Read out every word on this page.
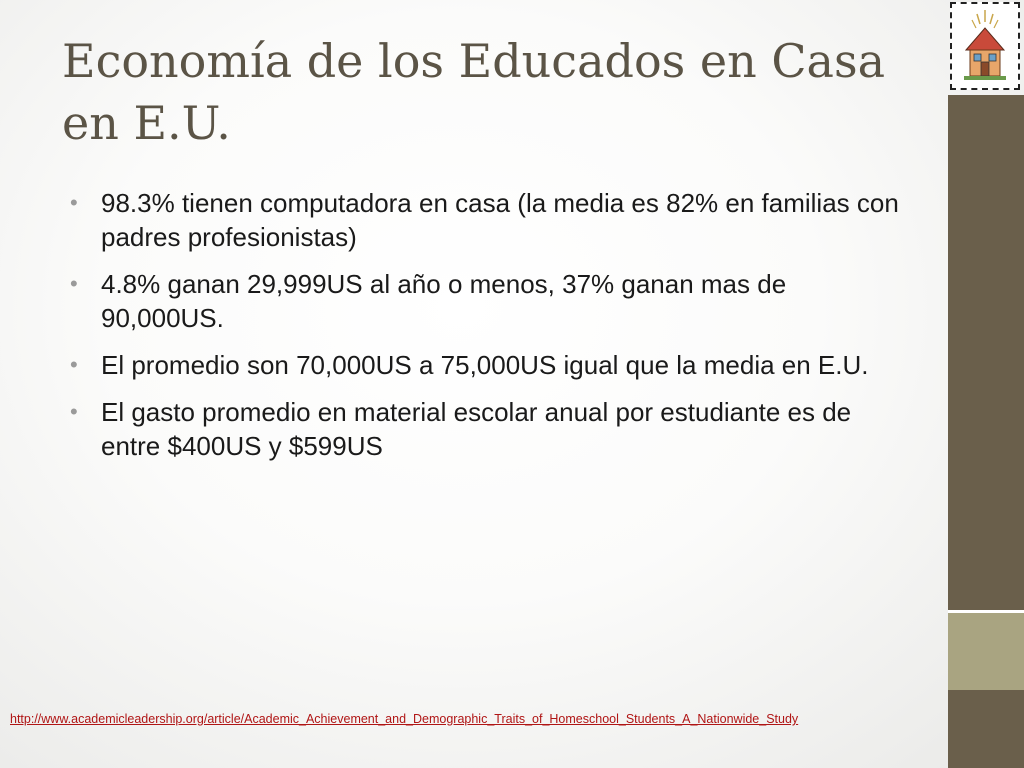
Economía de los Educados en Casa en E.U.
• 98.3% tienen computadora en casa (la media es 82% en familias con padres profesionistas)
• 4.8% ganan 29,999US al año o menos, 37% ganan mas de 90,000US.
• El promedio son 70,000US a 75,000US igual que la media en E.U.
• El gasto promedio en material escolar anual por estudiante es de entre $400US y $599US
http://www.academicleadership.org/article/Academic_Achievement_and_Demographic_Traits_of_Homeschool_Students_A_Nationwide_Study
